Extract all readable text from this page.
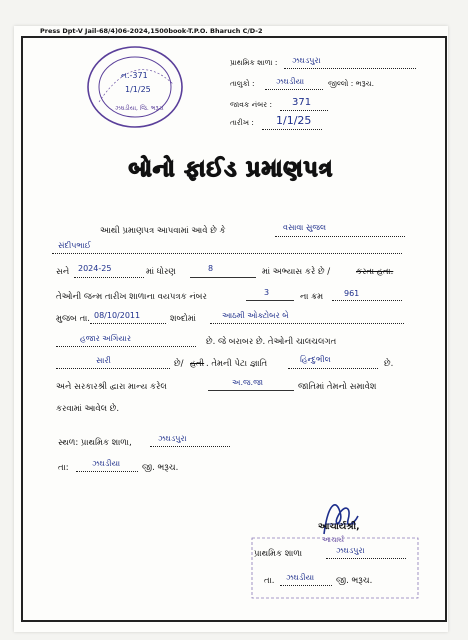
Press Dpt-V Jail-68/4)06-2024,1500book-T.P.O. Bharuch C/D-2
ન.-371
1/1/25
ઝઘડીયા, જિ. ભરૂચ
પ્રાથમિક શાળા : ઝઘડપુરા
તાલુકો :	ઝઘડીયા	જીલ્લો : ભરૂચ.
જાવક નંબર : 371
તારીખ : 1/1/25
બોનો ફાઈડ પ્રમાણપત્ર
આથી પ્રમાણપત્ર આપવામાં આવે છે કે	વસાવા સુજલ
સંદીપભાઈ
સને 2024-25	માં ધોરણ	8	માં અભ્યાસ કરે છે /	કરતા હતા.
તેઓની જન્મ તારીખ શાળાના વયપત્રક નંબર	3	ના ક્રમ	961
મુજબ તા. 08/10/2011	શબ્દોમાં	આઠમી ઓક્ટોબર બે
હજાર અગિયાર	છે. જે બરાબર છે. તેઓની ચાલચલગત
સારી	છે/ હતી . તેમની પેટા જ્ઞાતિ	હિન્દુભીલ	છે.
અને સરકારશ્રી દ્વારા માન્ય કરેલ	અ.જ.જા	જાતિમાં તેમનો સમાવેશ
કરવામાં આવેલ છે.
સ્થળ: પ્રાથમિક શાળા,	ઝઘડપુરા
તા:	ઝઘડીયા	જી. ભરૂચ.
આચાર્યશ્રી,
આચાર્ય
પ્રાથમિક શાળા	ઝઘડપુરા
તા. ઝઘડીયા	જી. ભરૂચ.
